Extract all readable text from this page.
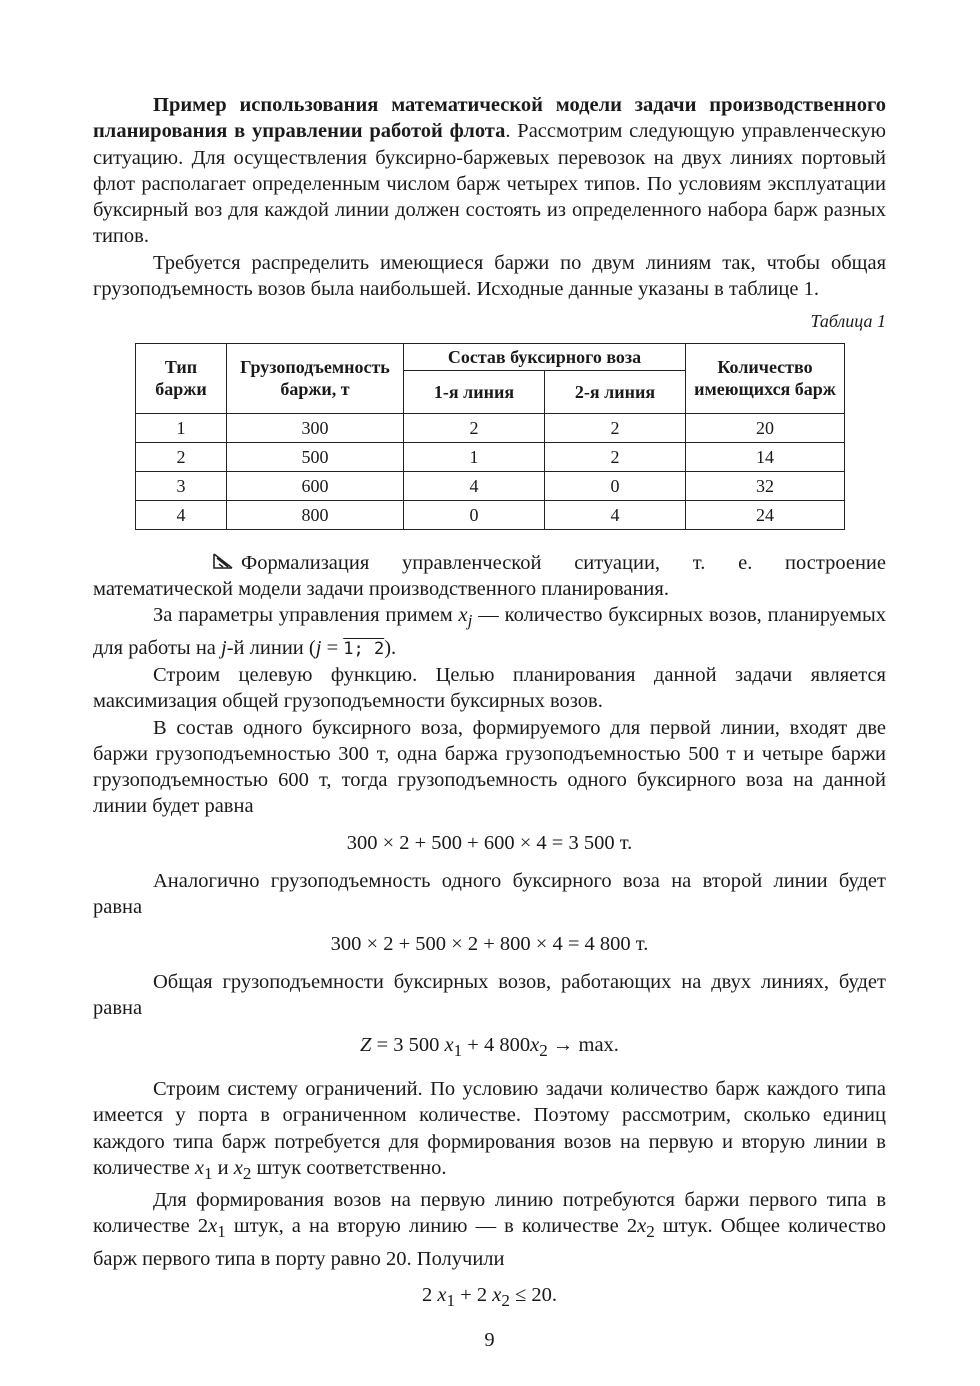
Пример использования математической модели задачи производственного планирования в управлении работой флота. Рассмотрим следующую управленческую ситуацию. Для осуществления буксирно-баржевых перевозок на двух линиях портовый флот располагает определенным числом барж четырех типов. По условиям эксплуатации буксирный воз для каждой линии должен состоять из определенного набора барж разных типов.

Требуется распределить имеющиеся баржи по двум линиям так, чтобы общая грузоподъемность возов была наибольшей. Исходные данные указаны в таблице 1.

Таблица 1
Тип баржи	Грузоподъемность баржи, т	Состав буксирного воза		Количество имеющихся барж
		1-я линия	2-я линия	
1	300	2	2	20
2	500	1	2	14
3	600	4	0	32
4	800	0	4	24

Формализация управленческой ситуации, т. е. построение математической модели задачи производственного планирования.

За параметры управления примем $x_j$ — количество буксирных возов, планируемых для работы на j-й линии (j = 1; 2).

Строим целевую функцию. Целью планирования данной задачи является максимизация общей грузоподъемности буксирных возов.

В состав одного буксирного воза, формируемого для первой линии, входят две баржи грузоподъемностью 300 т, одна баржа грузоподъемностью 500 т и четыре баржи грузоподъемностью 600 т, тогда грузоподъемность одного буксирного воза на данной линии будет равна

300 × 2 + 500 + 600 × 4 = 3 500 т.

Аналогично грузоподъемность одного буксирного воза на второй линии будет равна

300 × 2 + 500 × 2 + 800 × 4 = 4 800 т.

Общая грузоподъемности буксирных возов, работающих на двух линиях, будет равна

Z = 3 500 $x_1 + 4$ $800x_2 \to \max$.

Строим систему ограничений. По условию задачи количество барж каждого типа имеется у порта в ограниченном количестве. Поэтому рассмотрим, сколько единиц каждого типа барж потребуется для формирования возов на первую и вторую линии в количестве $x_1$ и $x_2$ штук соответственно.

Для формирования возов на первую линию потребуются баржи первого типа в количестве $2x_1$ штук, а на вторую линию — в количестве $2x_2$ штук. Общее количество барж первого типа в порту равно 20. Получили

2 $x_1 + 2$ $x_2 \le 20$.
9
